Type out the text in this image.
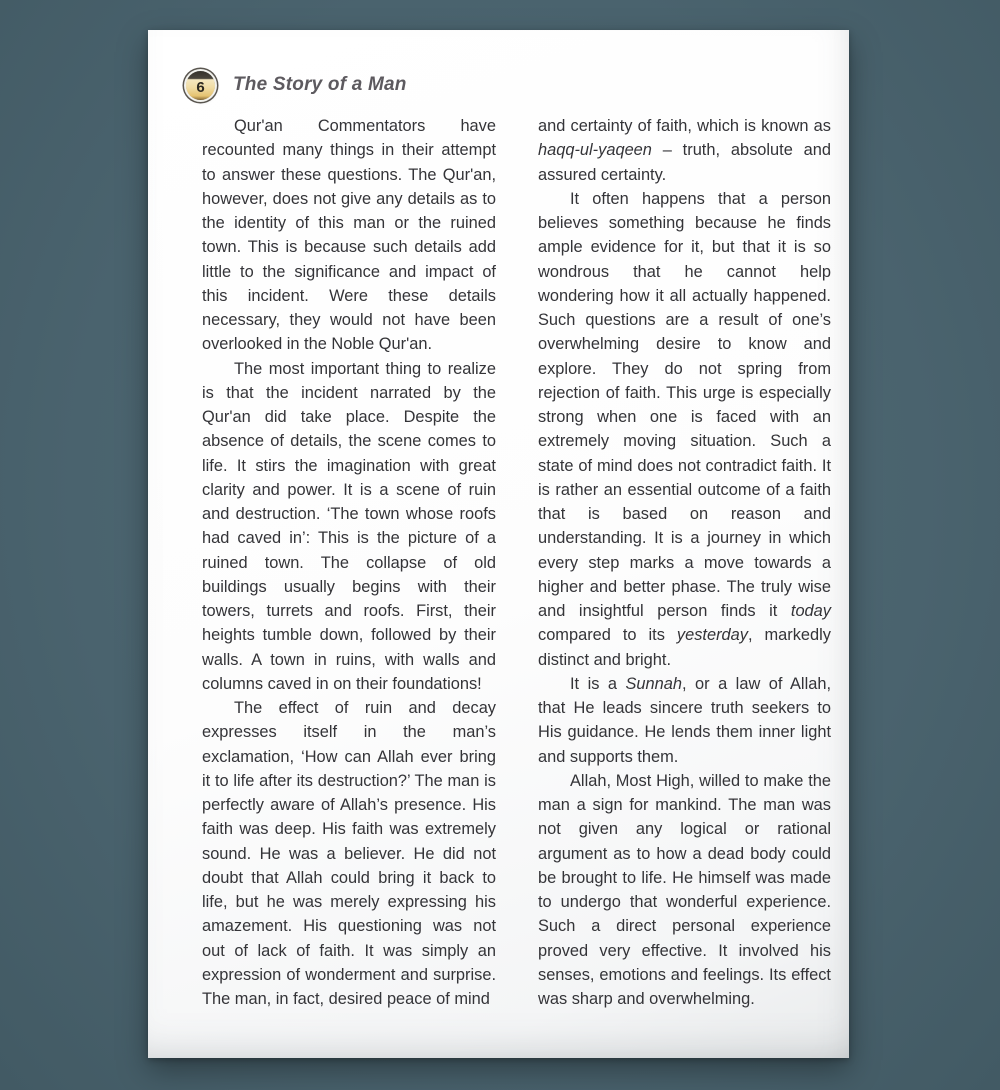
6 The Story of a Man

Qur'an Commentators have recounted many things in their attempt to answer these questions. The Qur'an, however, does not give any details as to the identity of this man or the ruined town. This is because such details add little to the significance and impact of this incident. Were these details necessary, they would not have been overlooked in the Noble Qur'an.

The most important thing to realize is that the incident narrated by the Qur'an did take place. Despite the absence of details, the scene comes to life. It stirs the imagination with great clarity and power. It is a scene of ruin and destruction. ‘The town whose roofs had caved in’: This is the picture of a ruined town. The collapse of old buildings usually begins with their towers, turrets and roofs. First, their heights tumble down, followed by their walls. A town in ruins, with walls and columns caved in on their foundations!

The effect of ruin and decay expresses itself in the man’s exclamation, ‘How can Allah ever bring it to life after its destruction?’ The man is perfectly aware of Allah’s presence. His faith was deep. His faith was extremely sound. He was a believer. He did not doubt that Allah could bring it back to life, but he was merely expressing his amazement. His questioning was not out of lack of faith. It was simply an expression of wonderment and surprise. The man, in fact, desired peace of mind

and certainty of faith, which is known as haqq-ul-yaqeen – truth, absolute and assured certainty.

It often happens that a person believes something because he finds ample evidence for it, but that it is so wondrous that he cannot help wondering how it all actually happened. Such questions are a result of one’s overwhelming desire to know and explore. They do not spring from rejection of faith. This urge is especially strong when one is faced with an extremely moving situation. Such a state of mind does not contradict faith. It is rather an essential outcome of a faith that is based on reason and understanding. It is a journey in which every step marks a move towards a higher and better phase. The truly wise and insightful person finds it today compared to its yesterday, markedly distinct and bright.

It is a Sunnah, or a law of Allah, that He leads sincere truth seekers to His guidance. He lends them inner light and supports them.

Allah, Most High, willed to make the man a sign for mankind. The man was not given any logical or rational argument as to how a dead body could be brought to life. He himself was made to undergo that wonderful experience. Such a direct personal experience proved very effective. It involved his senses, emotions and feelings. Its effect was sharp and overwhelming.
